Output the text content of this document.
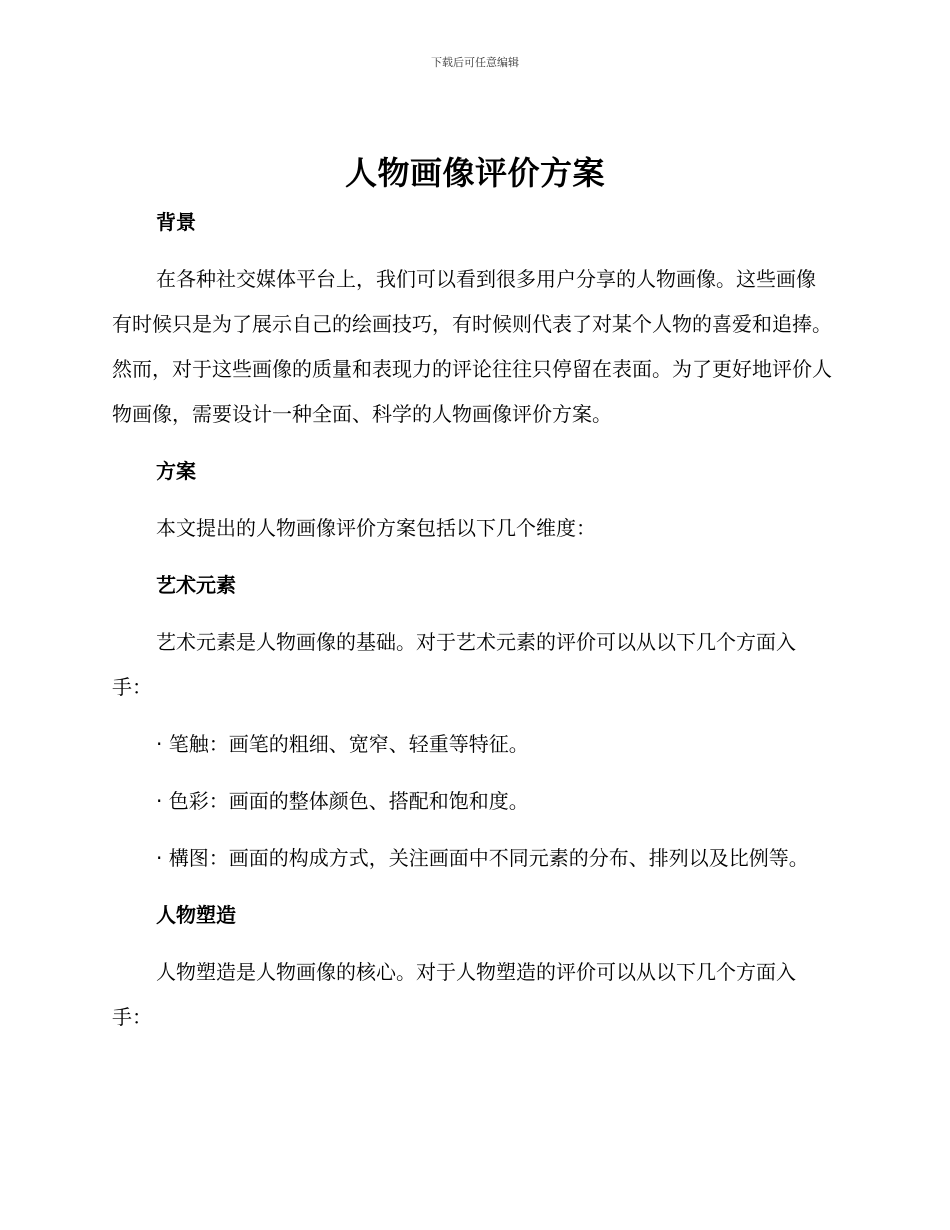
下载后可任意编辑
人物画像评价方案
背景
在各种社交媒体平台上，我们可以看到很多用户分享的人物画像。这些画像有时候只是为了展示自己的绘画技巧，有时候则代表了对某个人物的喜爱和追捧。然而，对于这些画像的质量和表现力的评论往往只停留在表面。为了更好地评价人物画像，需要设计一种全面、科学的人物画像评价方案。
方案
本文提出的人物画像评价方案包括以下几个维度：
艺术元素
艺术元素是人物画像的基础。对于艺术元素的评价可以从以下几个方面入手：
· 笔触：画笔的粗细、宽窄、轻重等特征。
· 色彩：画面的整体颜色、搭配和饱和度。
· 構图：画面的构成方式，关注画面中不同元素的分布、排列以及比例等。
人物塑造
人物塑造是人物画像的核心。对于人物塑造的评价可以从以下几个方面入手：
